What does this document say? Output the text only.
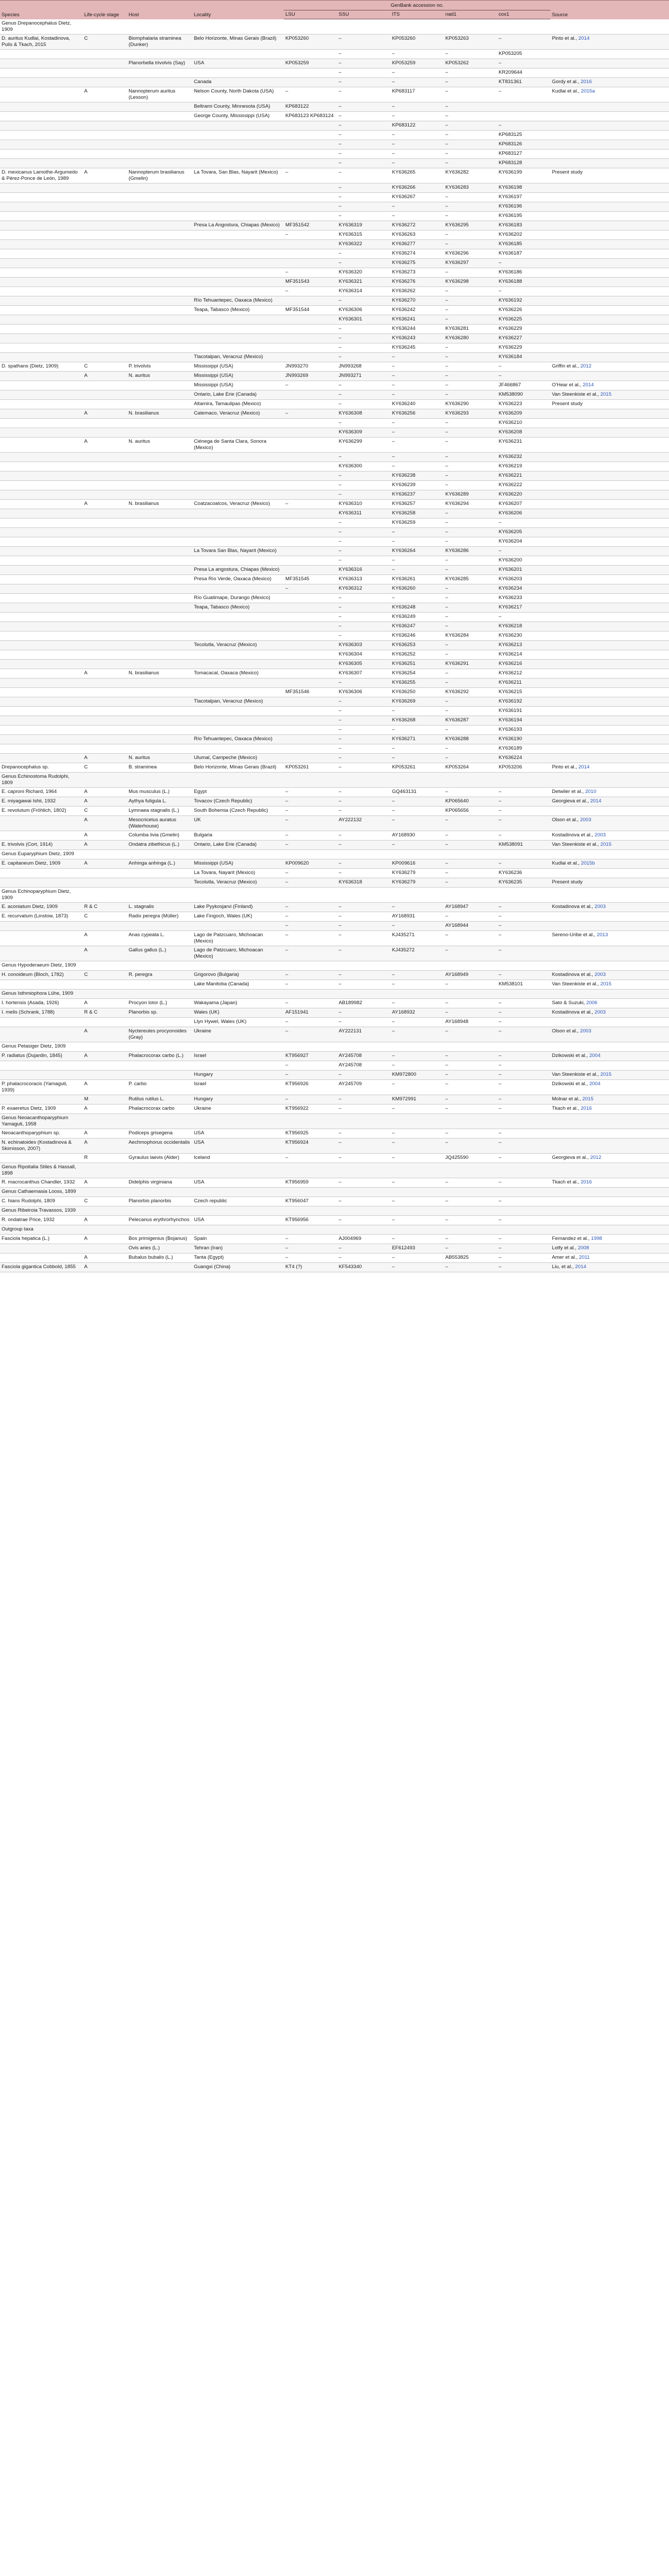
Species	Life-cycle stage	Host	Locality	GenBank accession no.					Source
				LSU	SSU	ITS	nad1	cox1	
Genus Drepanocephalus Dietz, 1909									
D. auritus Kudlai, Kostadinova, Pulis & Tkach, 2015	C	Biomphalaria straminea (Dunker)	Belo Horizonte, Minas Gerais (Brazil)	KP053260	–	KP053260	KP053263	–	Pinto et al., 2014
					–	–	–	KP053205	
		Planorbella trivolvis (Say)	USA	KP053259	–	KP053259	KP053262	–	
					–	–	–	KR209644	
			Canada		–	–	–	KT831361	Gordy et al., 2016
	A	Nannopterum auritus (Lesson)	Nelson County, North Dakota (USA)	–	–	KP683117	–	–	Kudlai et al., 2015a
			Beltrami County, Minnesota (USA)	KP683122	–	–	–		
			George County, Mississippi (USA)	KP683123 KP683124	–	–	–		
					–	KP683122	–	–	
					–	–	–	KP683125	
					–	–	–	KP683126	
					–	–	–	KP683127	
					–	–	–	KP683128	
D. mexicanus Lamothe-Argumedo & Pérez-Ponce de León, 1989	A	Nannopterum brasilianus (Gmelin)	La Tovara, San Blas, Nayarit (Mexico)	–	–	KY636265	KY636282	KY636199	Present study
					–	KY636266	KY636283	KY636198	
					–	KY636267	–	KY636197	
					–	–	–	KY636196	
					–	–	–	KY636195	
			Presa La Angostura, Chiapas (Mexico)	MF351542	KY636319	KY636272	KY636295	KY636183	
				–	KY636315	KY636263	–	KY636202	
					KY636322	KY636277	–	KY636185	
					–	KY636274	KY636296	KY636187	
					–	KY636275	KY636297	–	
				–	KY636320	KY636273	–	KY636186	
				MF351543	KY636321	KY636276	KY636298	KY636188	
				–	KY636314	KY636262	–	–	
			Río Tehuantepec, Oaxaca (Mexico)		–	KY636270	–	KY636192	
			Teapa, Tabasco (Mexico)	MF351544	KY636306	KY636242	–	KY636226	
					KY636301	KY636241	–	KY636225	
					–	KY636244	KY636281	KY636229	
					–	KY636243	KY636280	KY636227	
					–	KY636245	–	KY636229	
			Tlacotalpan, Veracruz (Mexico)		–	–	–	KY636184	
D. spathans (Dietz, 1909)	C	P. trivolvis	Mississippi (USA)	JN993270	JN993268	–	–	–	Griffin et al., 2012
	A	N. auritus	Mississippi (USA)	JN993269	JN993271	–	–	–	
			Mississippi (USA)	–	–	–	–	JF466867	O'Hear et al., 2014
			Ontario, Lake Erie (Canada)		–	–	–	KM538090	Van Steenkiste et al., 2015
			Altamira, Tamaulipas (Mexico)		–	KY636240	KY636290	KY636223	Present study
	A	N. brasilianus	Catemaco, Veracruz (Mexico)	–	KY636308	KY636256	KY636293	KY636209	
					–	–	–	KY636210	
					KY636309	–	–	KY636208	
	A	N. auritus	Ciénega de Santa Clara, Sonora (Mexico)		KY636299	–	–	KY636231	
					–	–	–	KY636232	
					KY636300	–	–	KY636219	
					–	KY636238	–	KY636221	
					–	KY636239	–	KY636222	
					–	KY636237	KY636289	KY636220	
	A	N. brasilianus	Coatzacoalcos, Veracruz (Mexico)	–	KY636310	KY636257	KY636294	KY636207	
					KY636311	KY636258	–	KY636206	
					–	KY636259	–	–	
					–	–	–	KY636205	
					–	–	–	KY636204	
			La Tovara San Blas, Nayarit (Mexico)		–	KY636264	KY636286	–	
					–	–	–	KY636200	
			Presa La angostura, Chiapas (Mexico)		KY636316	–	–	KY636201	
			Presa Río Verde, Oaxaca (Mexico)	MF351545	KY636313	KY636261	KY636285	KY636203	
				–	KY636312	KY636260	–	KY636234	
			Río Guatimape, Durango (Mexico)		–	–	–	KY636233	
			Teapa, Tabasco (Mexico)		–	KY636248	–	KY636217	
					–	KY636249	–	–	
					–	KY636247	–	KY636218	
					–	KY636246	KY636284	KY636230	
			Tecolutla, Veracruz (Mexico)		KY636303	KY636253	–	KY636213	
					KY636304	KY636252	–	KY636214	
					KY636305	KY636251	KY636291	KY636216	
	A	N. brasilianus	Tomacacal, Oaxaca (Mexico)		KY636307	KY636254	–	KY636212	
					–	KY636255	–	KY636211	
				MF351546	KY636306	KY636250	KY636292	KY636215	
			Tlacotalpan, Veracruz (Mexico)		–	KY636269	–	KY636192	
					–	–	–	KY636191	
					–	KY636268	KY636287	KY636194	
					–	–	–	KY636193	
			Río Tehuantepec, Oaxaca (Mexico)		–	KY636271	KY636288	KY636190	
					–	–	–	KY636189	
	A	N. auritus	Ulumal, Campeche (Mexico)		–	–	–	KY636224	
Drepanocephalus sp.	C	B. straminea	Belo Horizonte, Minas Gerais (Brazil)	KP053261	–	KP053261	KP053264	KP053206	Pinto et al., 2014
Genus Echinostoma Rudolphi, 1809									
E. caproni Richard, 1964	A	Mus musculus (L.)	Egypt	–	–	GQ463131	–	–	Detwiler et al., 2010
E. miyagawai Ishii, 1932	A	Aythya fuligula L.	Tovacov (Czech Republic)	–	–	–	KP065640	–	Georgieva et al., 2014
E. revolutum (Fröhlich, 1802)	C	Lymnaea stagnalis (L.)	South Bohemia (Czech Republic)	–	–	–	KP065656	–	
	A	Mesocricetus auratus (Waterhouse)	UK	–	AY222132	–	–	–	Olson et al., 2003
	A	Columba livia (Gmelin)	Bulgaria	–	–	AY168930	–	–	Kostadinova et al., 2003
E. trivolvis (Cort, 1914)	A	Ondatra zibethicus (L.)	Ontario, Lake Erie (Canada)	–	–	–	–	KM538091	Van Steenkiste et al., 2015
Genus Euparyphium Dietz, 1909									
E. capitaneum Dietz, 1909	A	Anhinga anhinga (L.)	Mississippi (USA)	KP009620	–	KP009616	–	–	Kudlai et al., 2015b
			La Tovara, Nayarit (Mexico)	–	–	KY636279	–	KY636236	
			Tecolutla, Veracruz (Mexico)	–	KY636318	KY636279	–	KY636235	Present study
Genus Echinoparyphium Dietz, 1909									
E. aconiatum Dietz, 1909	R & C	L. stagnalis	Lake Pyykosjarvi (Finland)	–	–	–	AY168947	–	Kostadinova et al., 2003
E. recurvatum (Linstow, 1873)	C	Radix peregra (Müller)	Lake Fingoch, Wales (UK)	–	–	AY168931	–	–	
				–	–	–	AY168944	–	
	A	Anas cypeata L.	Lago de Patzcuaro, Michoacan (Mexico)	–	–	KJ435271	–	–	Sereno-Uribe et al., 2013
	A	Gallus gallus (L.)	Lago de Patzcuaro, Michoacan (Mexico)	–	–	KJ435272	–	–	
Genus Hypoderaeum Dietz, 1909									
H. conoideum (Bloch, 1782)	C	R. peregra	Grigorovo (Bulgaria)	–	–	–	AY168949	–	Kostadinova et al., 2003
			Lake Manitoba (Canada)	–	–	–	–	KM538101	Van Steenkiste et al., 2015
Genus Isthmiophora Lühe, 1909									
I. hortensis (Asada, 1926)	A	Procyon lotor (L.)	Wakayama (Japan)	–	AB189982	–	–	–	Sato & Suzuki, 2006
I. melis (Schrank, 1788)	R & C	Planorbis sp.	Wales (UK)	AF151941	–	AY168932	–	–	Kostadinova et al., 2003
			Llyn Hywel, Wales (UK)	–	–	–	AY168948	–	
	A	Nyctereutes procyonoides (Gray)	Ukraine	–	AY222131	–	–	–	Olson et al., 2003
Genus Petasiger Dietz, 1909									
P. radiatus (Dujardin, 1845)	A	Phalacrocorax carbo (L.)	Israel	KT956927	AY245708	–	–	–	Dzikowski et al., 2004
				–	AY245708	–	–	–	
			Hungary	–	–	KM972800	–	–	Van Steenkiste et al., 2015
P. phalacrocoracis (Yamaguti, 1939)	A	P. carbo	Israel	KT956926	AY245709	–	–	–	Dzikowski et al., 2004
	M	Rutilus rutilus L.	Hungary	–	–	KM972991	–	–	Molnar et al., 2015
P. exaeretus Dietz, 1909	A	Phalacrocorax carbo	Ukraine	KT956922	–	–	–	–	Tkach et al., 2016
Genus Neoacanthoparyphium Yamaguti, 1958									
Neoacanthoparyphium sp.	A	Podiceps grisegena	USA	KT956925	–	–	–	–	
N. echinatoides (Kostadinova & Skirnisson, 2007)	A	Aechmophorus occidentalis	USA	KT956924	–	–	–	–	
	R	Gyraulus laevis (Alder)	Iceland	–	–	–	JQ425590	–	Georgieva et al., 2012
Genus Ripoitalia Stiles & Hassall, 1898									
R. macrocanthus Chandler, 1932	A	Didelphis virginiana	USA	KT956959	–	–	–	–	Tkach et al., 2016
Genus Cathaemasia Looss, 1899									
C. hians Rudolphi, 1809	C	Planorbis planorbis	Czech republic	KT956047	–	–	–	–	
Genus Ribeiroia Travassos, 1939									
R. ondatrae Price, 1932	A	Pelecanus erythrorhynchos	USA	KT956956	–	–	–	–	
Outgroup taxa									
Fasciola hepatica (L.)	A	Bos primigenius (Bojanus)	Spain	–	AJ004969	–	–	–	Fernandez et al., 1998
		Ovis aries (L.)	Tehran (Iran)	–	–	EF612493	–	–	Lotfy et al., 2008
	A	Bubalus bubalis (L.)	Tanta (Egypt)	–	–	–	AB553825	–	Amer et al., 2011
Fasciola gigantica Cobbold, 1855	A		Guangxi (China)	KT4 (?)	KF543340	–	–	–	Liu, et al., 2014
